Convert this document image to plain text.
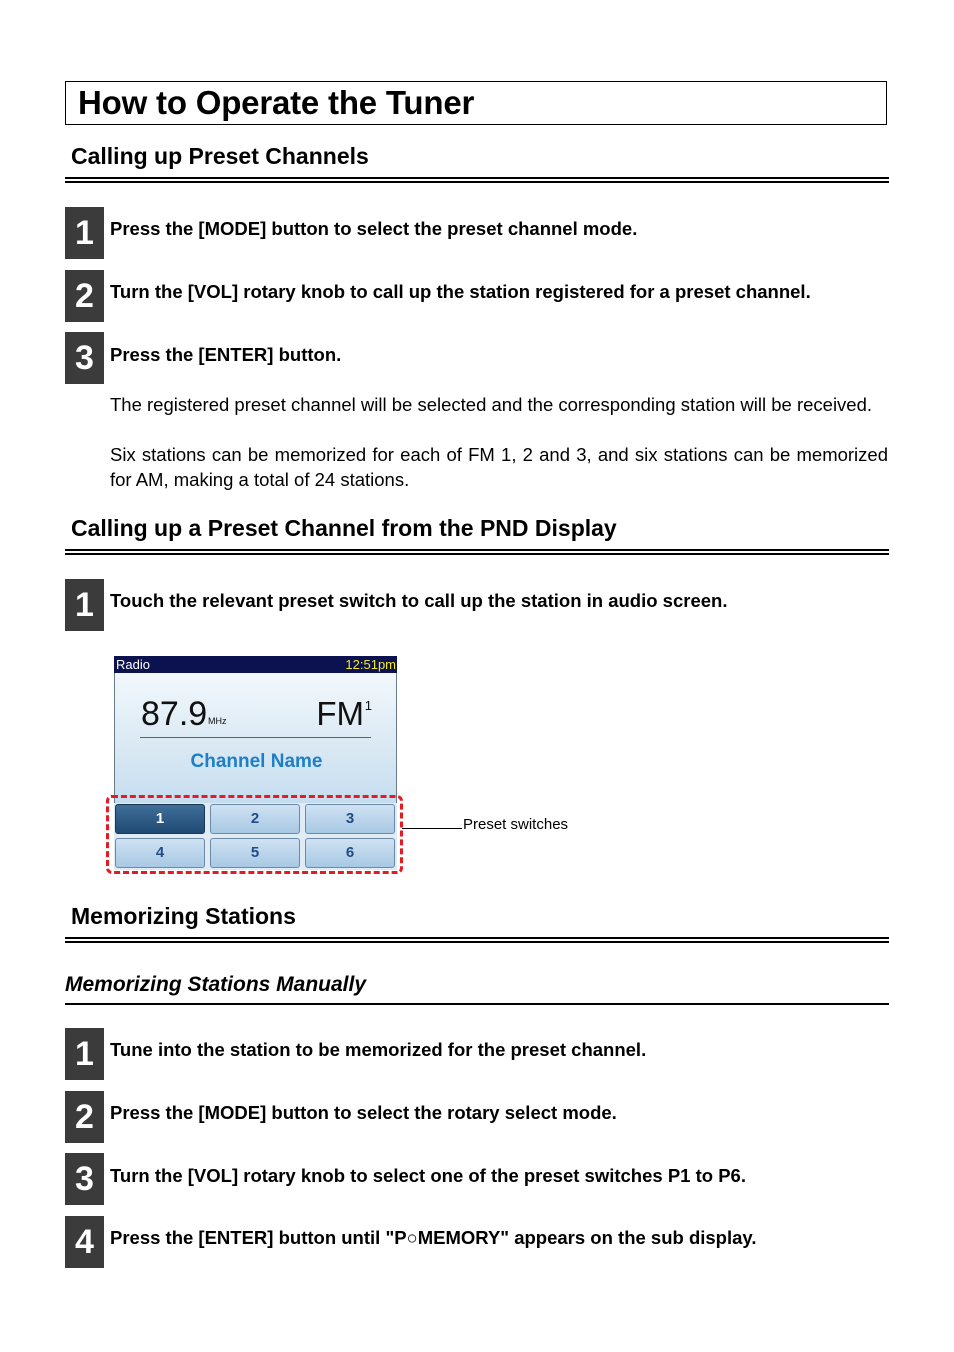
How to Operate the Tuner
Calling up Preset Channels
1 Press the [MODE] button to select the preset channel mode.
2 Turn the [VOL] rotary knob to call up the station registered for a preset channel.
3 Press the [ENTER] button.
The registered preset channel will be selected and the corresponding station will be received.
Six stations can be memorized for each of FM 1, 2 and 3, and six stations can be memorized for AM, making a total of 24 stations.
Calling up a Preset Channel from the PND Display
1 Touch the relevant preset switch to call up the station in audio screen.
Radio	12:51pm
87.9 MHz	FM 1
Channel Name
1	2	3
4	5	6
Preset switches
Memorizing Stations
Memorizing Stations Manually
1 Tune into the station to be memorized for the preset channel.
2 Press the [MODE] button to select the rotary select mode.
3 Turn the [VOL] rotary knob to select one of the preset switches P1 to P6.
4 Press the [ENTER] button until "P○MEMORY" appears on the sub display.
